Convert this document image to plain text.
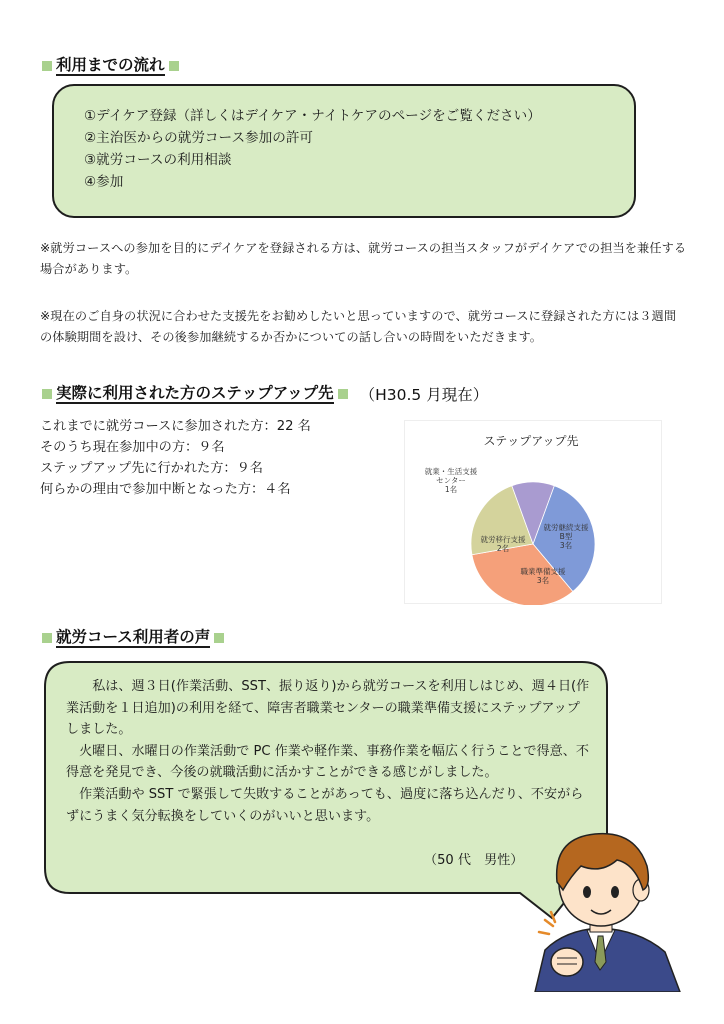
利用までの流れ
①デイケア登録（詳しくはデイケア・ナイトケアのページをご覧ください）
②主治医からの就労コース参加の許可
③就労コースの利用相談
④参加
※就労コースへの参加を目的にデイケアを登録される方は、就労コースの担当スタッフがデイケアでの担当を兼任する場合があります。
※現在のご自身の状況に合わせた支援先をお勧めしたいと思っていますので、就労コースに登録された方には３週間の体験期間を設け、その後参加継続するか否かについての話し合いの時間をいただきます。
実際に利用された方のステップアップ先 （H30.5 月現在）
これまでに就労コースに参加された方：22 名
そのうち現在参加中の方：９名
ステップアップ先に行かれた方：９名
何らかの理由で参加中断となった方：４名
ステップアップ先
就労継続支援 B型 3名
職業準備支援 3名
就労移行支援 2名
就業・生活支援センター 1名
就労コース利用者の声

私は、週３日(作業活動、SST、振り返り)から就労コースを利用しはじめ、週４日(作業活動を１日追加)の利用を経て、障害者職業センターの職業準備支援にステップアップしました。

火曜日、水曜日の作業活動で PC 作業や軽作業、事務作業を幅広く行うことで得意、不得意を発見でき、今後の就職活動に活かすことができる感じがしました。

作業活動や SST で緊張して失敗することがあっても、過度に落ち込んだり、不安がらずにうまく気分転換をしていくのがいいと思います。

（50 代　男性）
